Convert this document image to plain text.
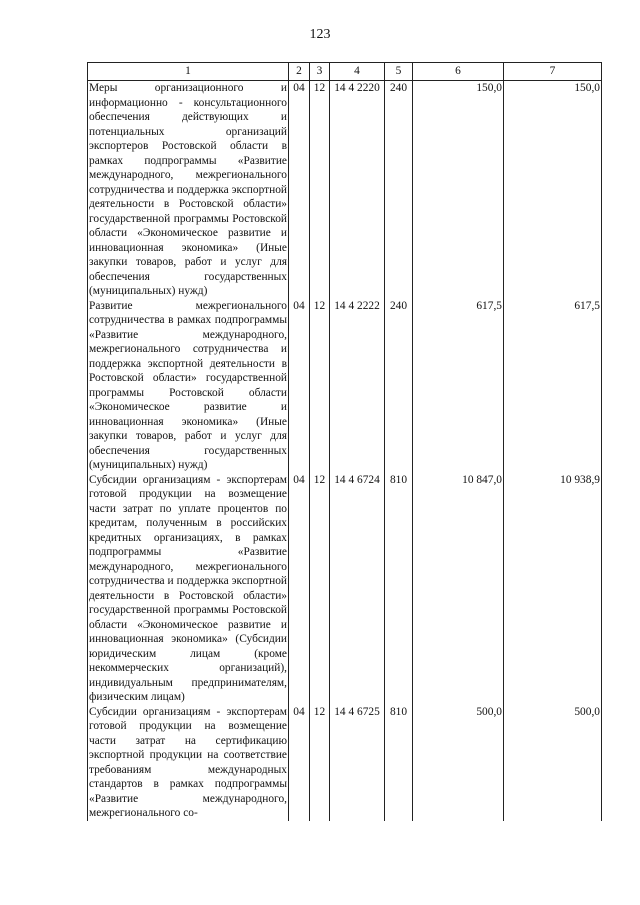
123
1	2	3	4	5	6	7
Меры организационного и информационно - консультационного обеспечения действующих и потенциальных организаций экспортеров Ростовской области в рамках подпрограммы «Развитие международного, межрегионального сотрудничества и поддержка экспортной деятельности в Ростовской области» государственной программы Ростовской области «Экономическое развитие и инновационная экономика» (Иные закупки товаров, работ и услуг для обеспечения государственных (муниципальных) нужд)	04	12	14 4 2220	240	150,0	150,0
Развитие межрегионального сотрудничества в рамках подпрограммы «Развитие международного, межрегионального сотрудничества и поддержка экспортной деятельности в Ростовской области» государственной программы Ростовской области «Экономическое развитие и инновационная экономика» (Иные закупки товаров, работ и услуг для обеспечения государственных (муниципальных) нужд)	04	12	14 4 2222	240	617,5	617,5
Субсидии организациям - экспортерам готовой продукции на возмещение части затрат по уплате процентов по кредитам, полученным в российских кредитных организациях, в рамках подпрограммы «Развитие международного, межрегионального сотрудничества и поддержка экспортной деятельности в Ростовской области» государственной программы Ростовской области «Экономическое развитие и инновационная экономика» (Субсидии юридическим лицам (кроме некоммерческих организаций), индивидуальным предпринимателям, физическим лицам)	04	12	14 4 6724	810	10 847,0	10 938,9
Субсидии организациям - экспортерам готовой продукции на возмещение части затрат на сертификацию экспортной продукции на соответствие требованиям международных стандартов в рамках подпрограммы «Развитие международного, межрегионального со-	04	12	14 4 6725	810	500,0	500,0
